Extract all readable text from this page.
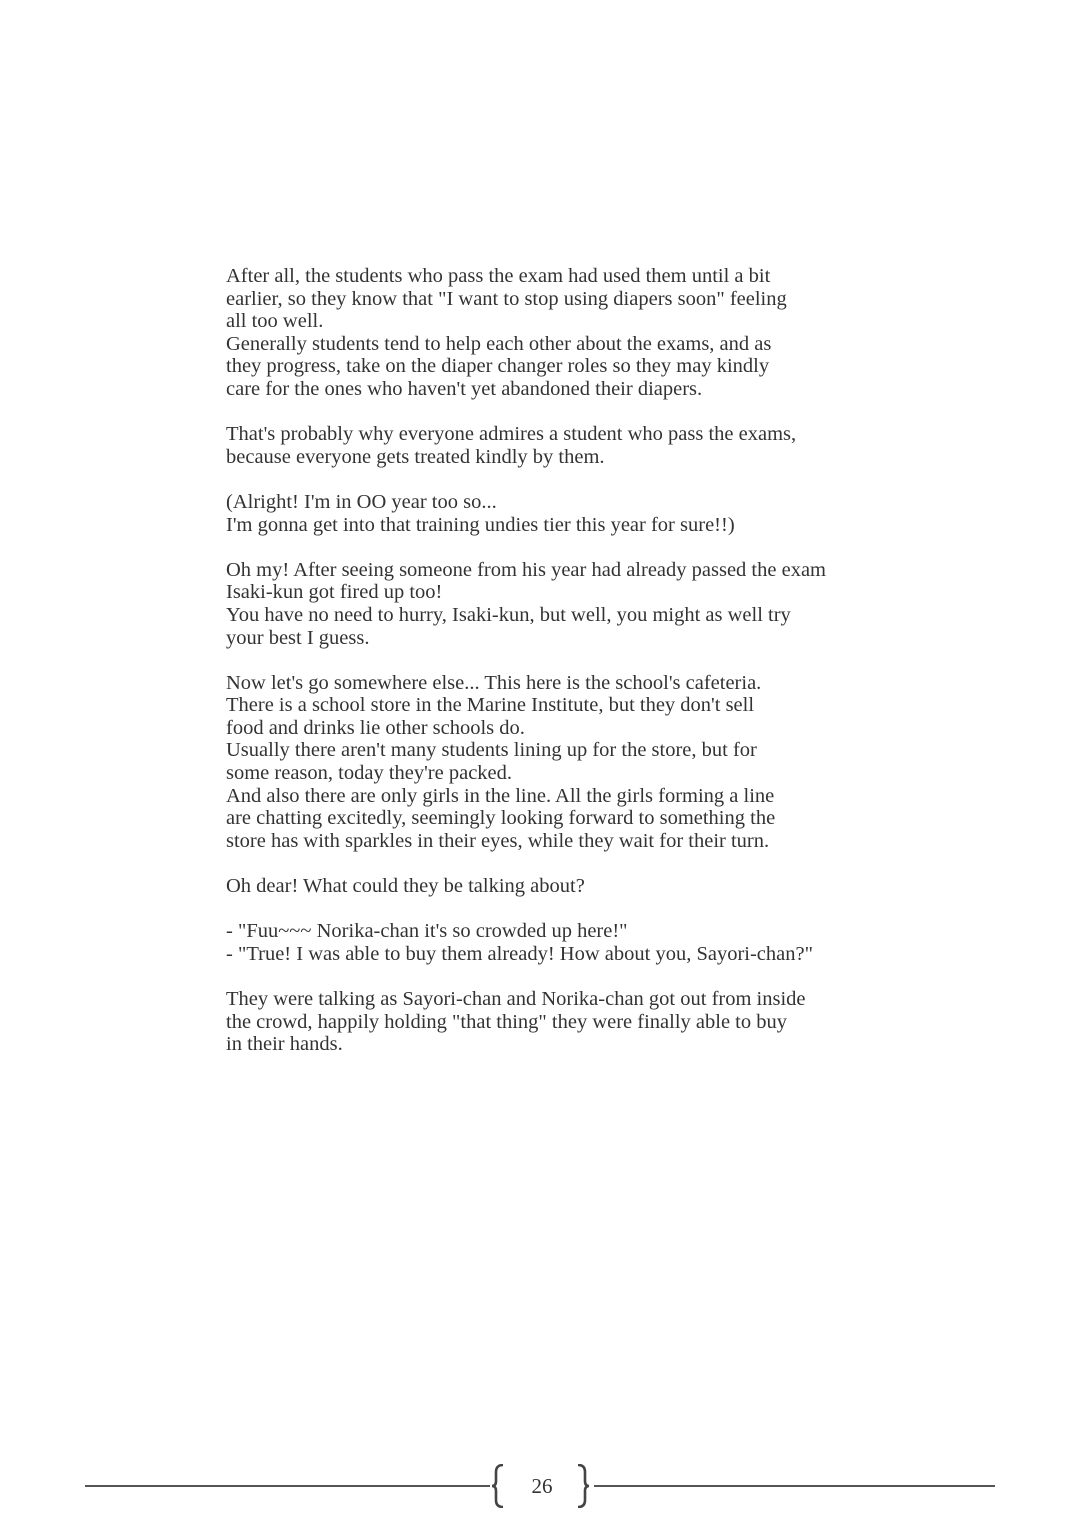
After all, the students who pass the exam had used them until a bit
earlier, so they know that "I want to stop using diapers soon" feeling
all too well.
Generally students tend to help each other about the exams, and as
they progress, take on the diaper changer roles so they may kindly
care for the ones who haven't yet abandoned their diapers.
That's probably why everyone admires a student who pass the exams,
because everyone gets treated kindly by them.
(Alright! I'm in OO year too so...
I'm gonna get into that training undies tier this year for sure!!)
Oh my! After seeing someone from his year had already passed the exam
Isaki-kun got fired up too!
You have no need to hurry, Isaki-kun, but well, you might as well try
your best I guess.
Now let's go somewhere else... This here is the school's cafeteria.
There is a school store in the Marine Institute, but they don't sell
food and drinks lie other schools do.
Usually there aren't many students lining up for the store, but for
some reason, today they're packed.
And also there are only girls in the line. All the girls forming a line
are chatting excitedly, seemingly looking forward to something the
store has with sparkles in their eyes, while they wait for their turn.
Oh dear! What could they be talking about?
- "Fuu~~~ Norika-chan it's so crowded up here!"
- "True! I was able to buy them already! How about you, Sayori-chan?"
They were talking as Sayori-chan and Norika-chan got out from inside
the crowd, happily holding "that thing" they were finally able to buy
in their hands.
26
